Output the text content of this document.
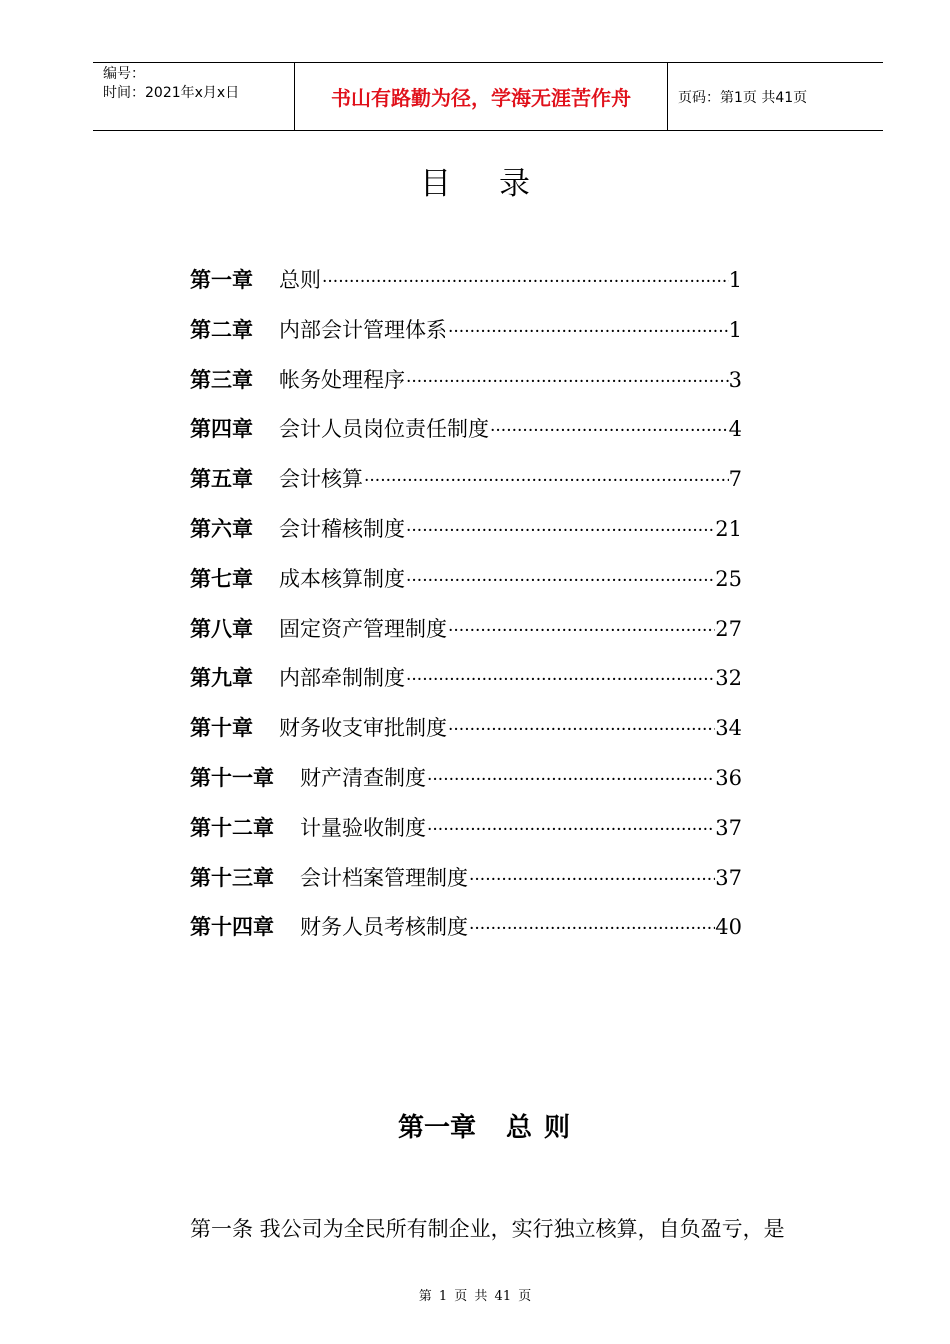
编号：
时间：2021年x月x日	书山有路勤为径，学海无涯苦作舟	页码：第1页 共41页
目录
第一章 总则 ·····	1
第二章 内部会计管理体系 ·····	1
第三章 帐务处理程序 ·····	3
第四章 会计人员岗位责任制度 ·····	4
第五章 会计核算 ·····	7
第六章 会计稽核制度 ·····	21
第七章 成本核算制度 ·····	25
第八章 固定资产管理制度 ·····	27
第九章 内部牵制制度 ·····	32
第十章 财务收支审批制度 ·····	34
第十一章 财产清查制度 ·····	36
第十二章 计量验收制度 ·····	37
第十三章 会计档案管理制度 ·····	37
第十四章 财务人员考核制度 ·····	40
第一章 总则
第一条 我公司为全民所有制企业，实行独立核算，自负盈亏，是
第 1 页 共 41 页
